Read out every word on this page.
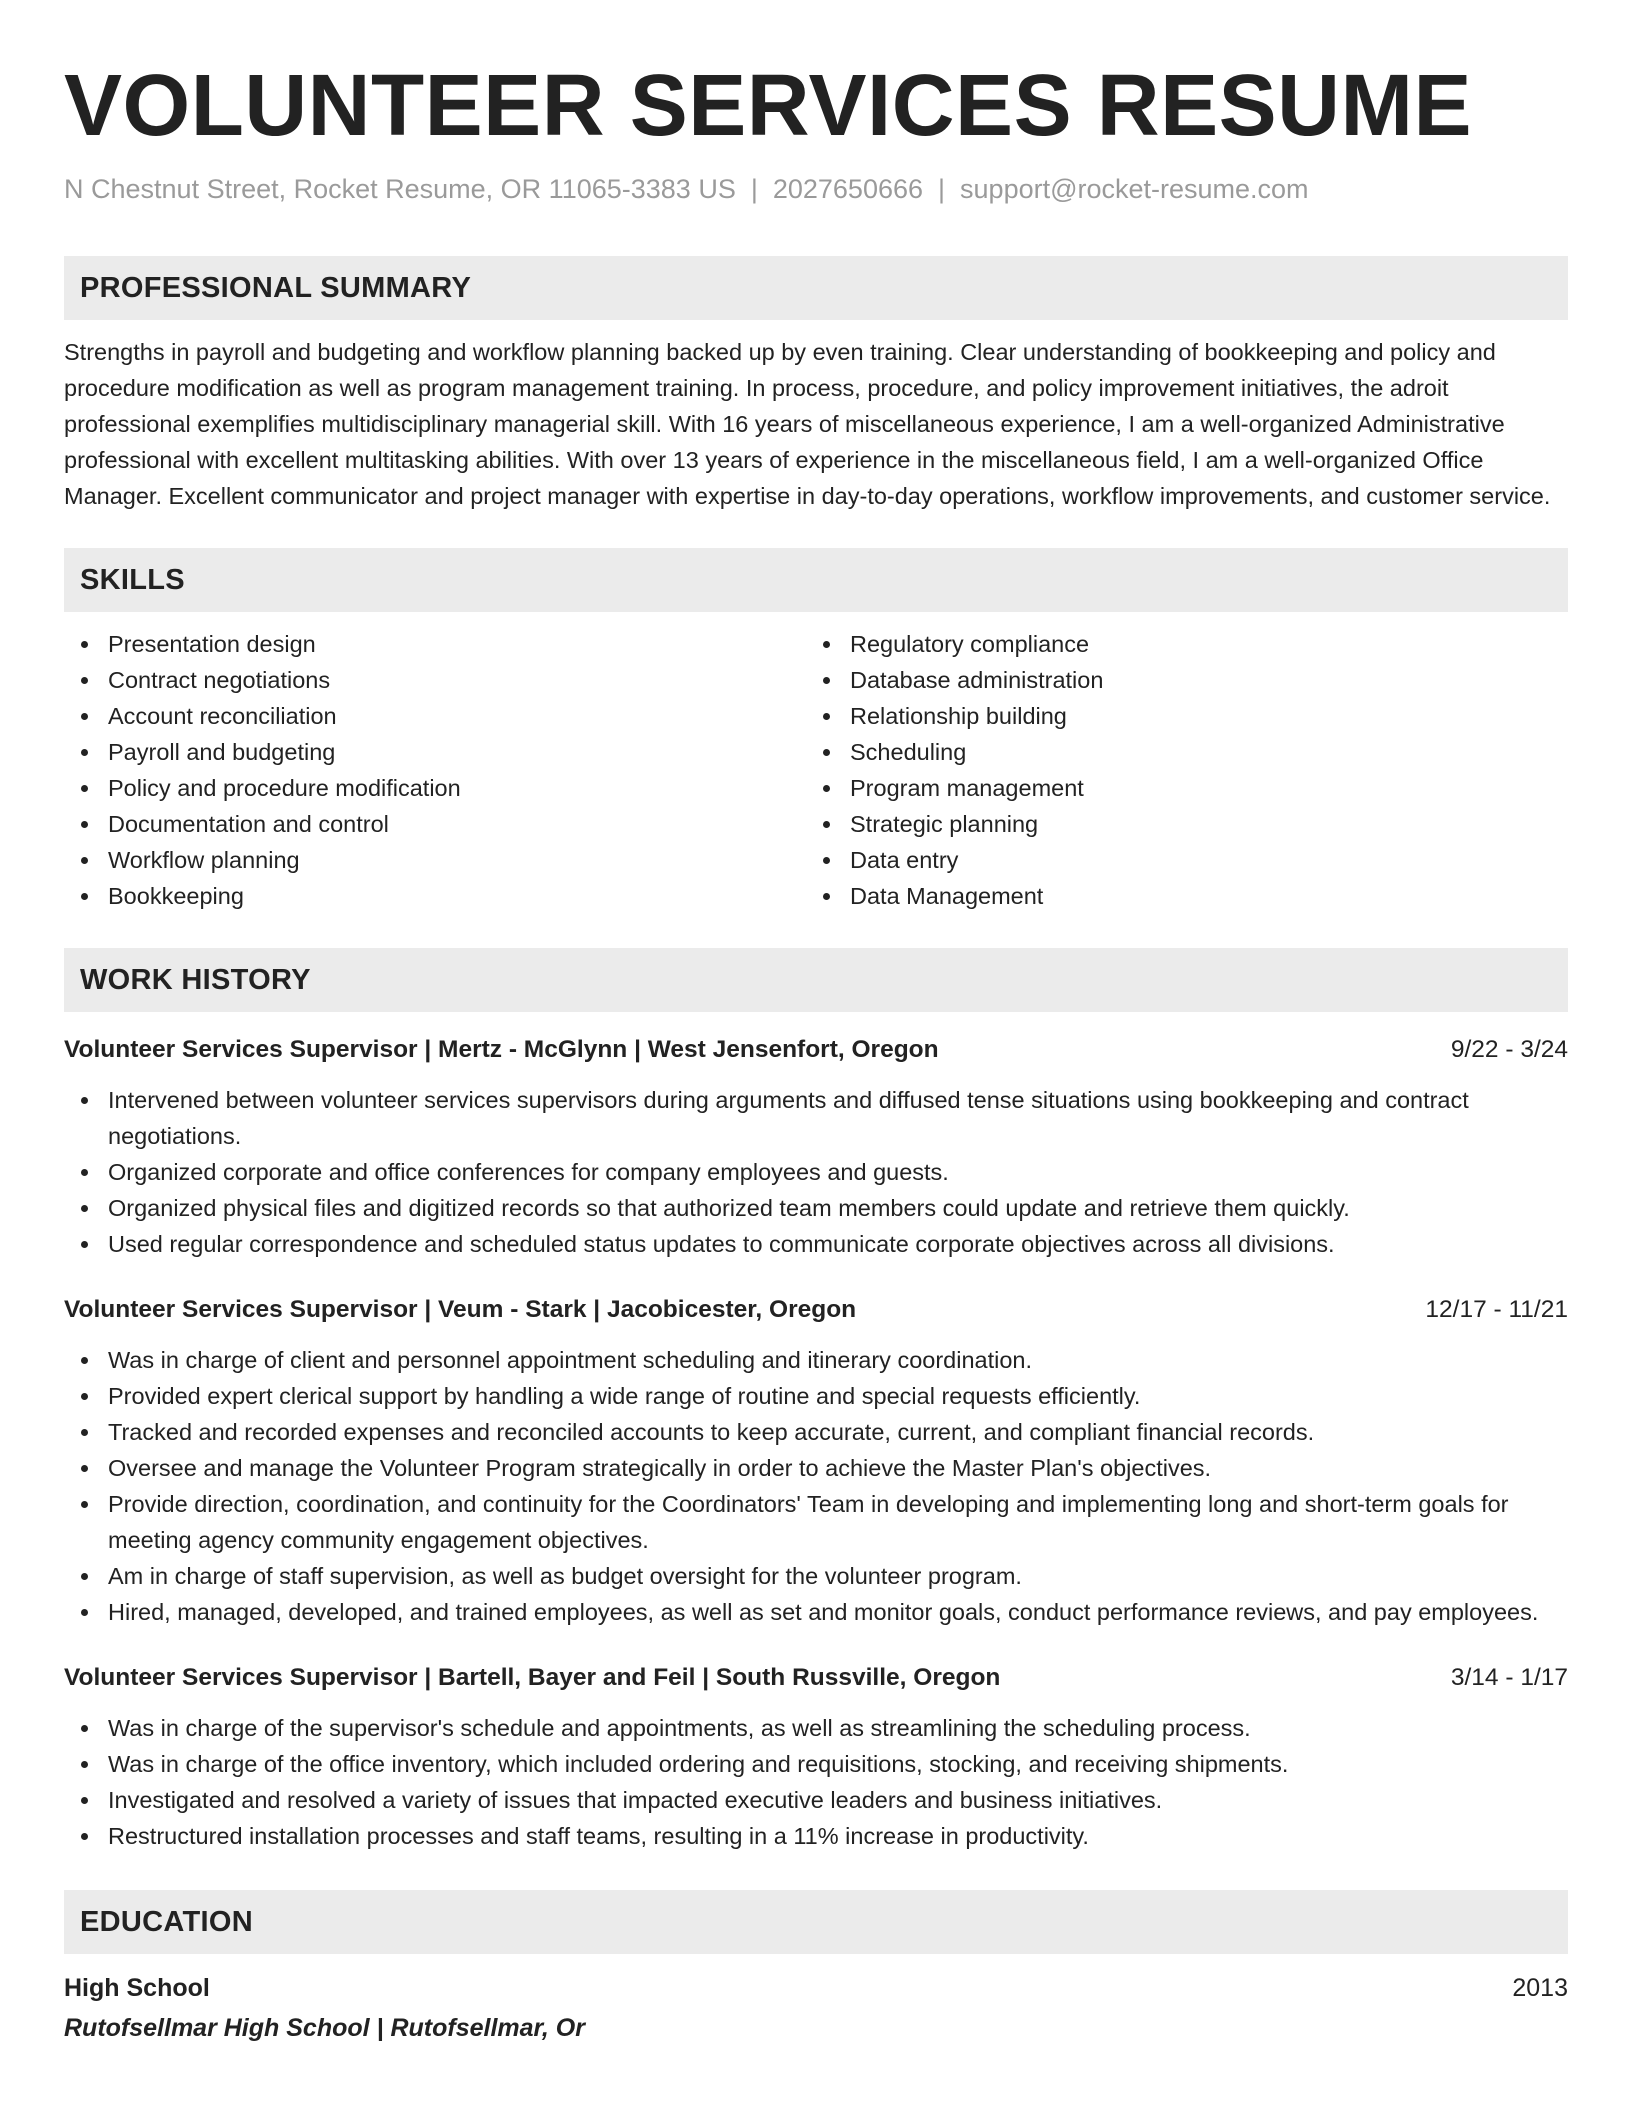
VOLUNTEER SERVICES RESUME
N Chestnut Street, Rocket Resume, OR 11065-3383 US | 2027650666 | support@rocket-resume.com
PROFESSIONAL SUMMARY
Strengths in payroll and budgeting and workflow planning backed up by even training. Clear understanding of bookkeeping and policy and procedure modification as well as program management training. In process, procedure, and policy improvement initiatives, the adroit professional exemplifies multidisciplinary managerial skill. With 16 years of miscellaneous experience, I am a well-organized Administrative professional with excellent multitasking abilities. With over 13 years of experience in the miscellaneous field, I am a well-organized Office Manager. Excellent communicator and project manager with expertise in day-to-day operations, workflow improvements, and customer service.
SKILLS
Presentation design
Contract negotiations
Account reconciliation
Payroll and budgeting
Policy and procedure modification
Documentation and control
Workflow planning
Bookkeeping
Regulatory compliance
Database administration
Relationship building
Scheduling
Program management
Strategic planning
Data entry
Data Management
WORK HISTORY
Volunteer Services Supervisor | Mertz - McGlynn | West Jensenfort, Oregon	9/22 - 3/24
Intervened between volunteer services supervisors during arguments and diffused tense situations using bookkeeping and contract negotiations.
Organized corporate and office conferences for company employees and guests.
Organized physical files and digitized records so that authorized team members could update and retrieve them quickly.
Used regular correspondence and scheduled status updates to communicate corporate objectives across all divisions.
Volunteer Services Supervisor | Veum - Stark | Jacobicester, Oregon	12/17 - 11/21
Was in charge of client and personnel appointment scheduling and itinerary coordination.
Provided expert clerical support by handling a wide range of routine and special requests efficiently.
Tracked and recorded expenses and reconciled accounts to keep accurate, current, and compliant financial records.
Oversee and manage the Volunteer Program strategically in order to achieve the Master Plan's objectives.
Provide direction, coordination, and continuity for the Coordinators' Team in developing and implementing long and short-term goals for meeting agency community engagement objectives.
Am in charge of staff supervision, as well as budget oversight for the volunteer program.
Hired, managed, developed, and trained employees, as well as set and monitor goals, conduct performance reviews, and pay employees.
Volunteer Services Supervisor | Bartell, Bayer and Feil | South Russville, Oregon	3/14 - 1/17
Was in charge of the supervisor's schedule and appointments, as well as streamlining the scheduling process.
Was in charge of the office inventory, which included ordering and requisitions, stocking, and receiving shipments.
Investigated and resolved a variety of issues that impacted executive leaders and business initiatives.
Restructured installation processes and staff teams, resulting in a 11% increase in productivity.
EDUCATION
High School	2013
Rutofsellmar High School | Rutofsellmar, Or
